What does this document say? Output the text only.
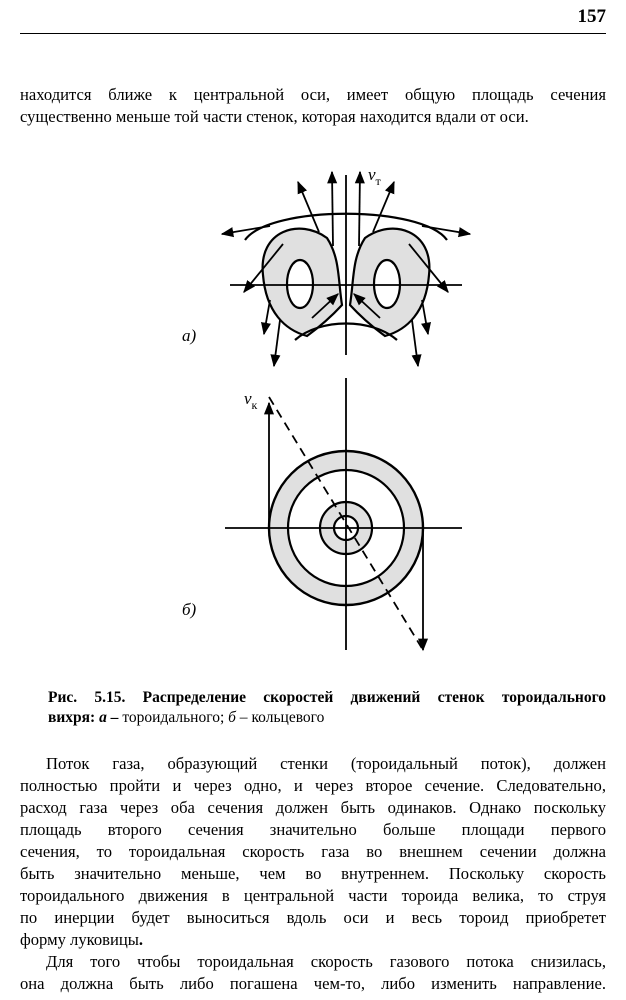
157

находится ближе к центральной оси, имеет общую площадь сечения
существенно меньше той части стенок, которая находится вдали от оси.

$v_т$
$v_к$
а)
б)
Рис. 5.15. Распределение скоростей движений стенок тороидального
вихря: а – тороидального; б – кольцевого
Поток газа, образующий стенки (тороидальный поток), должен
полностью пройти и через одно, и через второе сечение. Следовательно,
расход газа через оба сечения должен быть одинаков. Однако поскольку
площадь второго сечения значительно больше площади первого
сечения, то тороидальная скорость газа во внешнем сечении должна
быть значительно меньше, чем во внутреннем. Поскольку скорость
тороидального движения в центральной части тороида велика, то струя
по инерции будет выноситься вдоль оси и весь тороид приобретет
форму луковицы.
Для того чтобы тороидальная скорость газового потока снизилась,
она должна быть либо погашена чем-то, либо изменить направление.
